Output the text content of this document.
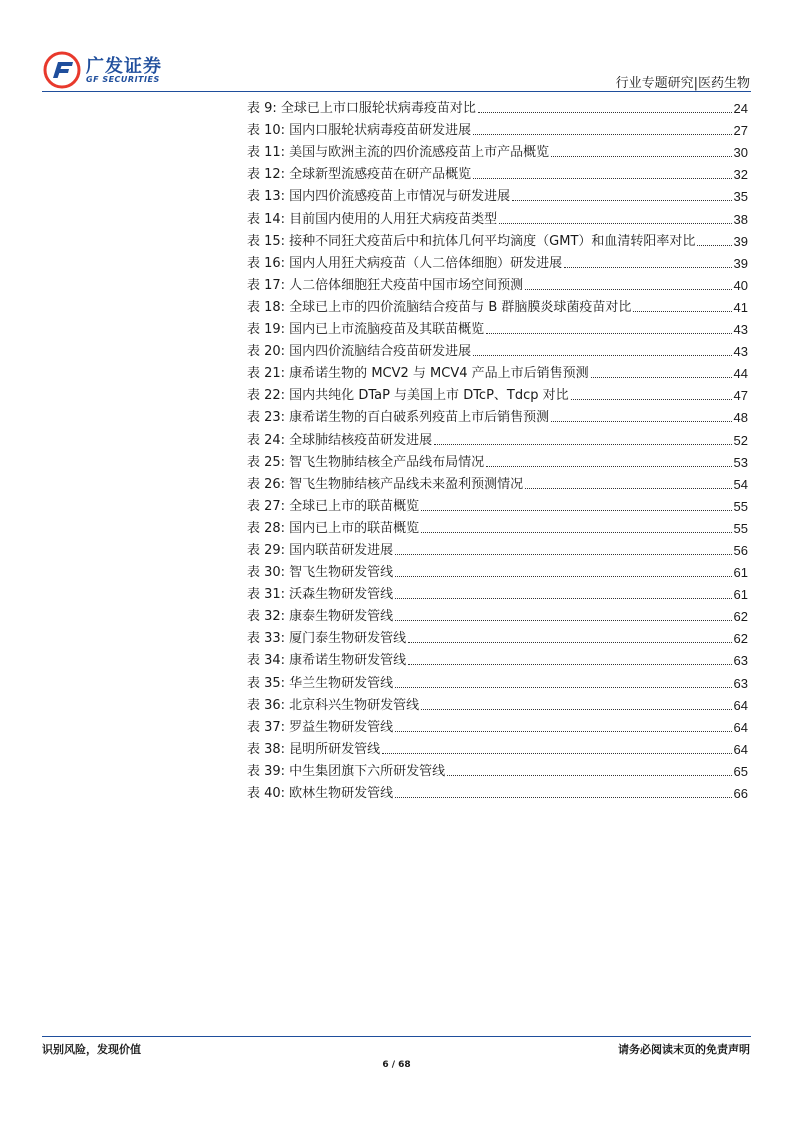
广发证券
GF SECURITIES	行业专题研究|医药生物
表 9: 全球已上市口服轮状病毒疫苗对比	24
表 10: 国内口服轮状病毒疫苗研发进展	27
表 11: 美国与欧洲主流的四价流感疫苗上市产品概览	30
表 12: 全球新型流感疫苗在研产品概览	32
表 13: 国内四价流感疫苗上市情况与研发进展	35
表 14: 目前国内使用的人用狂犬病疫苗类型	38
表 15: 接种不同狂犬疫苗后中和抗体几何平均滴度（GMT）和血清转阳率对比	39
表 16: 国内人用狂犬病疫苗（人二倍体细胞）研发进展	39
表 17: 人二倍体细胞狂犬疫苗中国市场空间预测	40
表 18: 全球已上市的四价流脑结合疫苗与 B 群脑膜炎球菌疫苗对比	41
表 19: 国内已上市流脑疫苗及其联苗概览	43
表 20: 国内四价流脑结合疫苗研发进展	43
表 21: 康希诺生物的 MCV2 与 MCV4 产品上市后销售预测	44
表 22: 国内共纯化 DTaP 与美国上市 DTcP、Tdcp 对比	47
表 23: 康希诺生物的百白破系列疫苗上市后销售预测	48
表 24: 全球肺结核疫苗研发进展	52
表 25: 智飞生物肺结核全产品线布局情况	53
表 26: 智飞生物肺结核产品线未来盈利预测情况	54
表 27: 全球已上市的联苗概览	55
表 28: 国内已上市的联苗概览	55
表 29: 国内联苗研发进展	56
表 30: 智飞生物研发管线	61
表 31: 沃森生物研发管线	61
表 32: 康泰生物研发管线	62
表 33: 厦门泰生物研发管线	62
表 34: 康希诺生物研发管线	63
表 35: 华兰生物研发管线	63
表 36: 北京科兴生物研发管线	64
表 37: 罗益生物研发管线	64
表 38: 昆明所研发管线	64
表 39: 中生集团旗下六所研发管线	65
表 40: 欧林生物研发管线	66
识别风险，发现价值	请务必阅读末页的免责声明
6 / 68
